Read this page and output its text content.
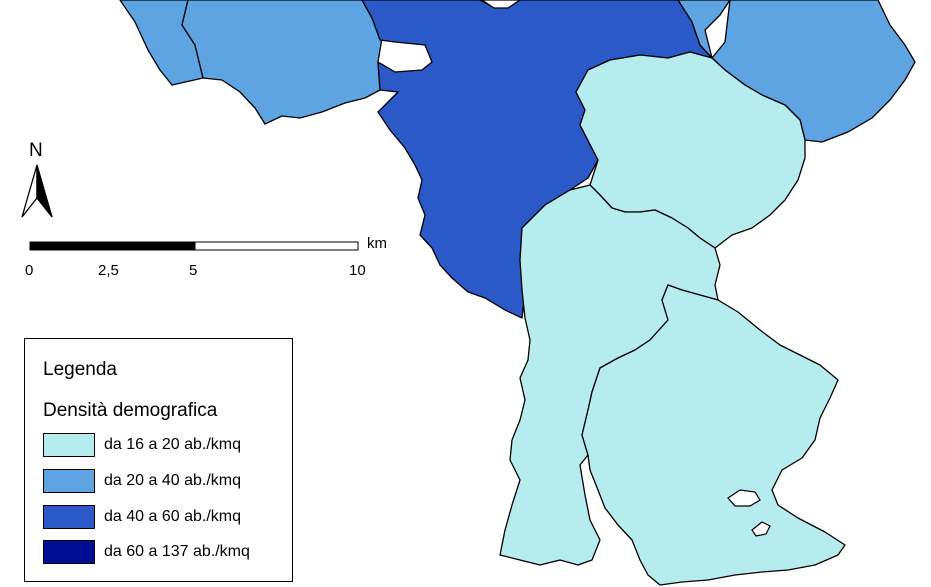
N
km
0	2,5	5	10
Legenda
Densità demografica
da 16 a 20 ab./kmq
da 20 a 40 ab./kmq
da 40 a 60 ab./kmq
da 60 a 137 ab./kmq
